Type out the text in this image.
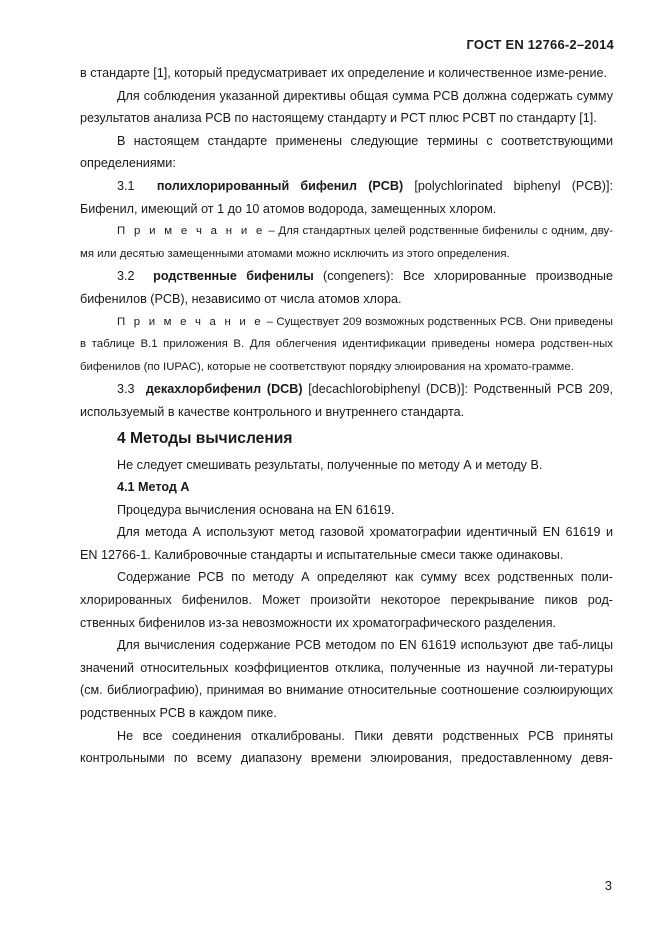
ГОСТ EN 12766-2–2014

в стандарте [1], который предусматривает их определение и количественное изме-рение.

Для соблюдения указанной директивы общая сумма PCB должна содержать сумму результатов анализа PCB по настоящему стандарту и PCT плюс PCBT по стандарту [1].

В настоящем стандарте применены следующие термины с соответствующими определениями:

3.1 полихлорированный бифенил (PCB) [polychlorinated biphenyl (PCB)]: Бифенил, имеющий от 1 до 10 атомов водорода, замещенных хлором.

П р и м е ч а н и е – Для стандартных целей родственные бифенилы с одним, дву-мя или десятью замещенными атомами можно исключить из этого определения.

3.2 родственные бифенилы (congeners): Все хлорированные производные бифенилов (PCB), независимо от числа атомов хлора.

П р и м е ч а н и е – Существует 209 возможных родственных PCB. Они приведены в таблице В.1 приложения В. Для облегчения идентификации приведены номера родствен-ных бифенилов (по IUPAC), которые не соответствуют порядку элюирования на хромато-грамме.

3.3 декахлорбифенил (DCB) [decachlorobiphenyl (DCB)]: Родственный PCB 209, используемый в качестве контрольного и внутреннего стандарта.

4 Методы вычисления

Не следует смешивать результаты, полученные по методу А и методу В.

4.1 Метод А

Процедура вычисления основана на EN 61619.

Для метода А используют метод газовой хроматографии идентичный EN 61619 и EN 12766-1. Калибровочные стандарты и испытательные смеси также одинаковы.

Содержание PCB по методу А определяют как сумму всех родственных поли-хлорированных бифенилов. Может произойти некоторое перекрывание пиков род-ственных бифенилов из-за невозможности их хроматографического разделения.

Для вычисления содержание PCB методом по EN 61619 используют две таб-лицы значений относительных коэффициентов отклика, полученные из научной ли-тературы (см. библиографию), принимая во внимание относительные соотношение соэлюирующих родственных PCB в каждом пике.

Не все соединения откалиброваны. Пики девяти родственных PCB приняты контрольными по всему диапазону времени элюирования, предоставленному девя-

3
